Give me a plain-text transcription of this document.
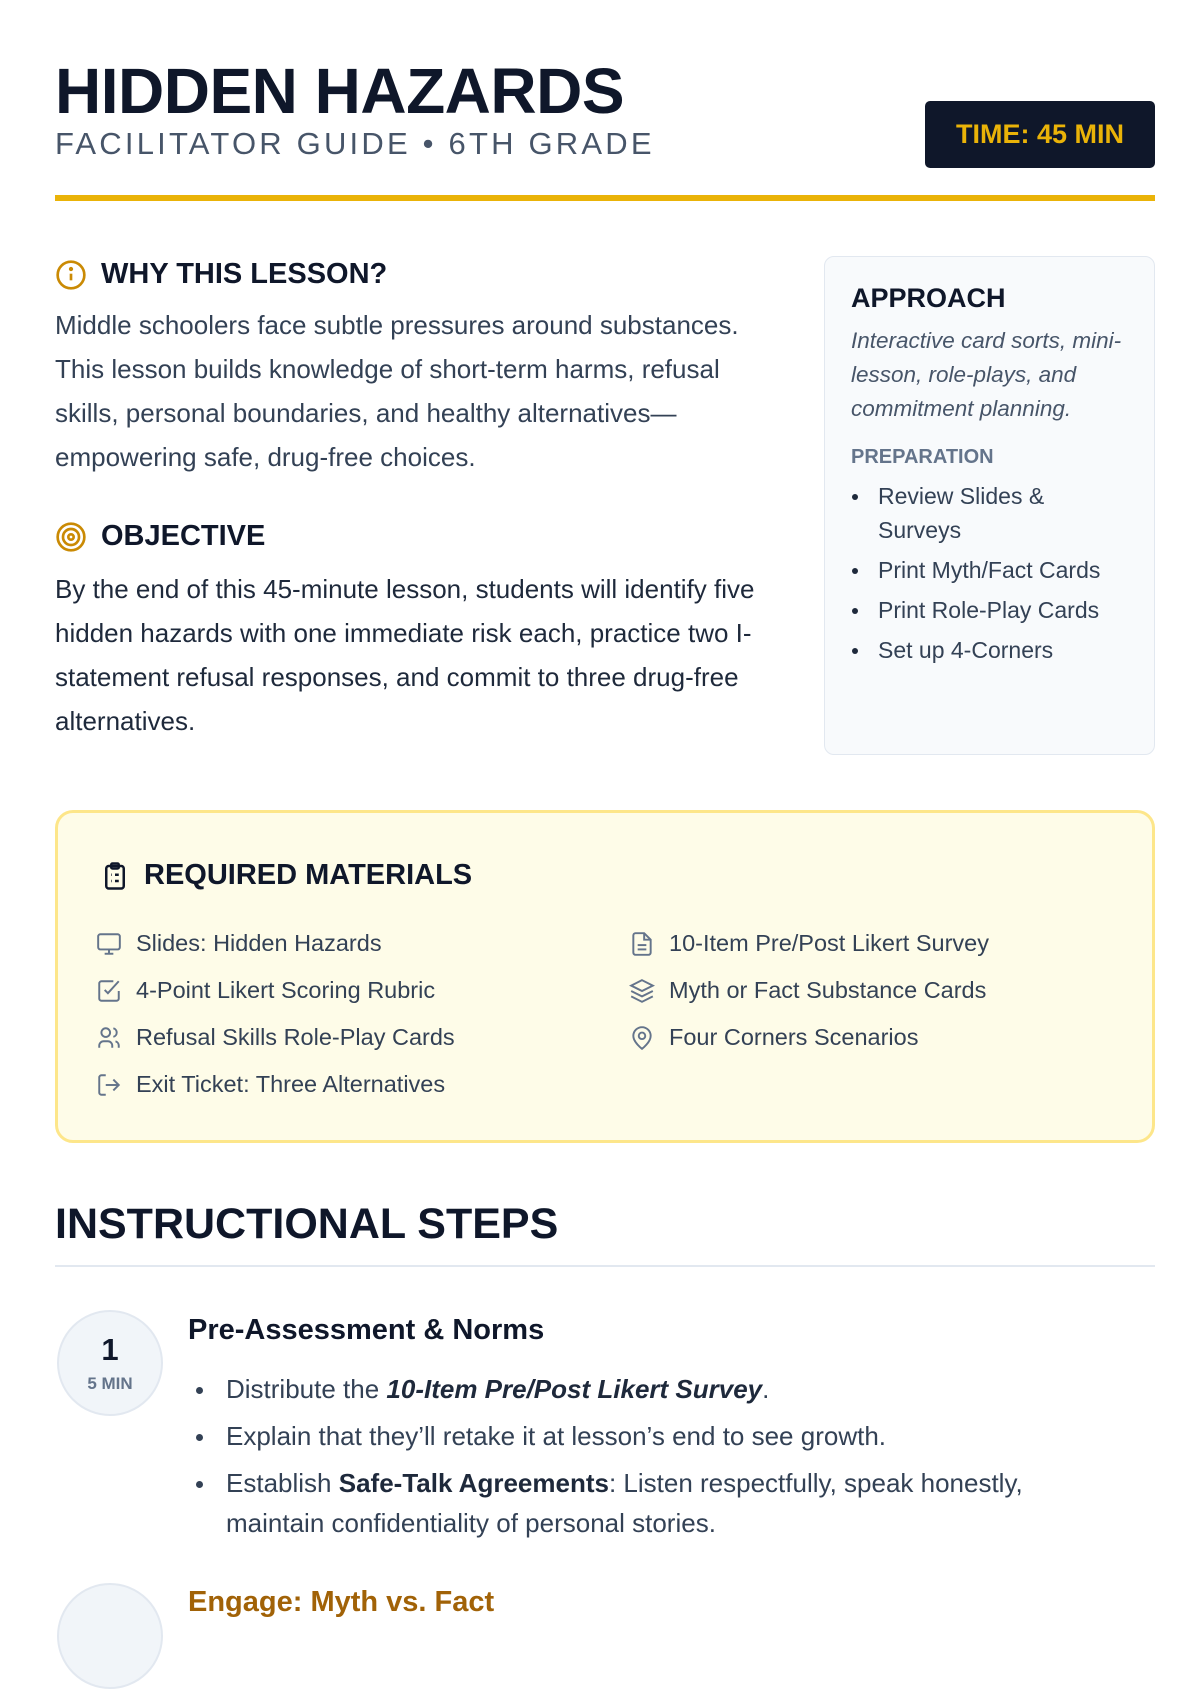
HIDDEN HAZARDS
FACILITATOR GUIDE • 6TH GRADE	TIME: 45 MIN
WHY THIS LESSON?

Middle schoolers face subtle pressures around substances. This lesson builds knowledge of short-term harms, refusal skills, personal boundaries, and healthy alternatives—empowering safe, drug-free choices.

OBJECTIVE

By the end of this 45-minute lesson, students will identify five hidden hazards with one immediate risk each, practice two I-statement refusal responses, and commit to three drug-free alternatives.

APPROACH

Interactive card sorts, mini-lesson, role-plays, and commitment planning.

PREPARATION
Review Slides & Surveys
Print Myth/Fact Cards
Print Role-Play Cards
Set up 4-Corners
REQUIRED MATERIALS
Slides: Hidden Hazards
4-Point Likert Scoring Rubric
Refusal Skills Role-Play Cards
Exit Ticket: Three Alternatives
10-Item Pre/Post Likert Survey
Myth or Fact Substance Cards
Four Corners Scenarios
INSTRUCTIONAL STEPS
1
5 MIN
Pre-Assessment & Norms
Distribute the 10-Item Pre/Post Likert Survey.
Explain that they’ll retake it at lesson’s end to see growth.
Establish Safe-Talk Agreements: Listen respectfully, speak honestly, maintain confidentiality of personal stories.
Engage: Myth vs. Fact
